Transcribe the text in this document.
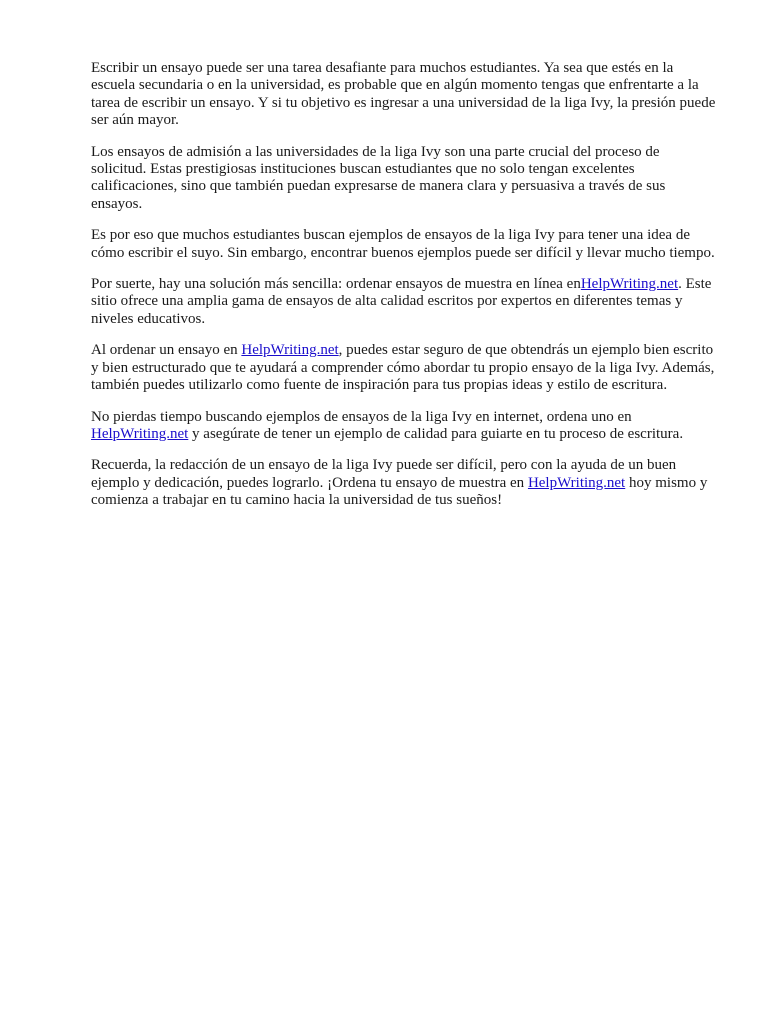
Escribir un ensayo puede ser una tarea desafiante para muchos estudiantes. Ya sea que estés en la escuela secundaria o en la universidad, es probable que en algún momento tengas que enfrentarte a la tarea de escribir un ensayo. Y si tu objetivo es ingresar a una universidad de la liga Ivy, la presión puede ser aún mayor.

Los ensayos de admisión a las universidades de la liga Ivy son una parte crucial del proceso de solicitud. Estas prestigiosas instituciones buscan estudiantes que no solo tengan excelentes calificaciones, sino que también puedan expresarse de manera clara y persuasiva a través de sus ensayos.

Es por eso que muchos estudiantes buscan ejemplos de ensayos de la liga Ivy para tener una idea de cómo escribir el suyo. Sin embargo, encontrar buenos ejemplos puede ser difícil y llevar mucho tiempo.

Por suerte, hay una solución más sencilla: ordenar ensayos de muestra en línea enHelpWriting.net. Este sitio ofrece una amplia gama de ensayos de alta calidad escritos por expertos en diferentes temas y niveles educativos.

Al ordenar un ensayo en HelpWriting.net, puedes estar seguro de que obtendrás un ejemplo bien escrito y bien estructurado que te ayudará a comprender cómo abordar tu propio ensayo de la liga Ivy. Además, también puedes utilizarlo como fuente de inspiración para tus propias ideas y estilo de escritura.

No pierdas tiempo buscando ejemplos de ensayos de la liga Ivy en internet, ordena uno en HelpWriting.net y asegúrate de tener un ejemplo de calidad para guiarte en tu proceso de escritura.

Recuerda, la redacción de un ensayo de la liga Ivy puede ser difícil, pero con la ayuda de un buen ejemplo y dedicación, puedes lograrlo. ¡Ordena tu ensayo de muestra en HelpWriting.net hoy mismo y comienza a trabajar en tu camino hacia la universidad de tus sueños!
